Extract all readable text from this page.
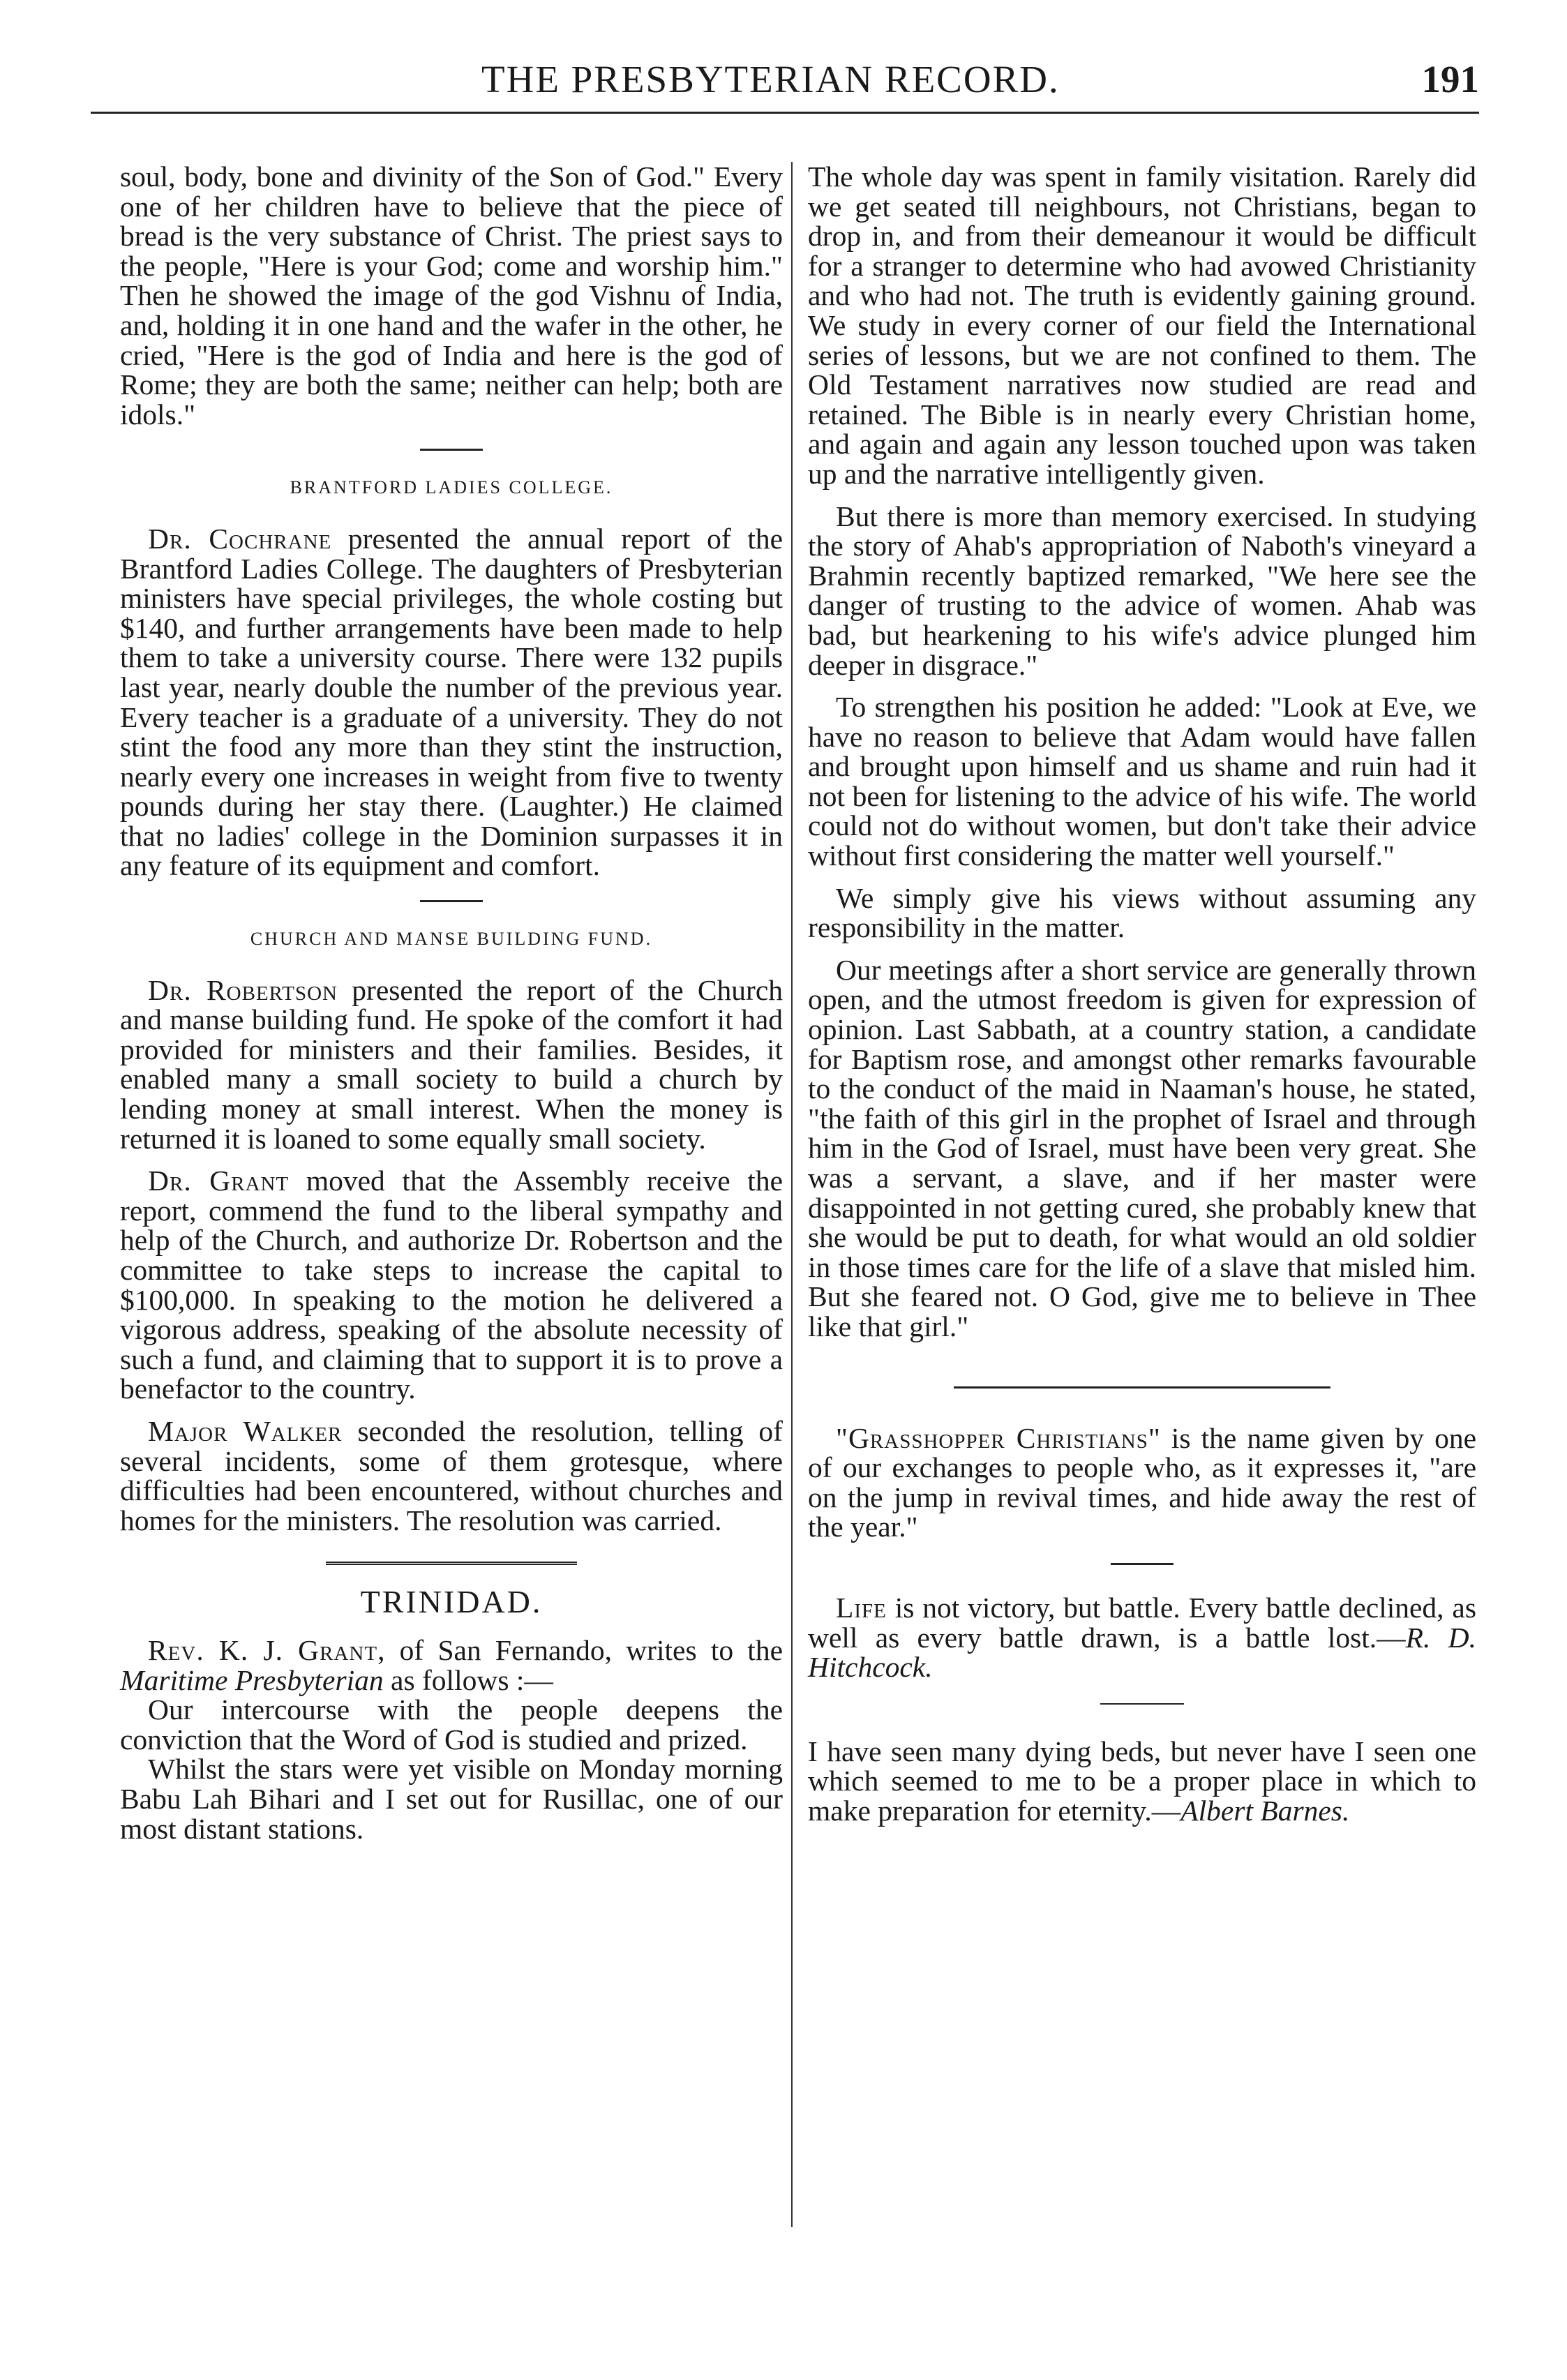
THE PRESBYTERIAN RECORD.	191

soul, body, bone and divinity of the Son of God." Every one of her children have to believe that the piece of bread is the very substance of Christ. The priest says to the people, "Here is your God; come and worship him." Then he showed the image of the god Vishnu of India, and, holding it in one hand and the wafer in the other, he cried, "Here is the god of India and here is the god of Rome; they are both the same; neither can help; both are idols."

BRANTFORD LADIES COLLEGE.

Dr. Cochrane presented the annual report of the Brantford Ladies College. The daughters of Presbyterian ministers have special privileges, the whole costing but $140, and further arrangements have been made to help them to take a university course. There were 132 pupils last year, nearly double the number of the previous year. Every teacher is a graduate of a university. They do not stint the food any more than they stint the instruction, nearly every one increases in weight from five to twenty pounds during her stay there. (Laughter.) He claimed that no ladies' college in the Dominion surpasses it in any feature of its equipment and comfort.

CHURCH AND MANSE BUILDING FUND.

Dr. Robertson presented the report of the Church and manse building fund. He spoke of the comfort it had provided for ministers and their families. Besides, it enabled many a small society to build a church by lending money at small interest. When the money is returned it is loaned to some equally small society.

Dr. Grant moved that the Assembly receive the report, commend the fund to the liberal sympathy and help of the Church, and authorize Dr. Robertson and the committee to take steps to increase the capital to $100,000. In speaking to the motion he delivered a vigorous address, speaking of the absolute necessity of such a fund, and claiming that to support it is to prove a benefactor to the country.

Major Walker seconded the resolution, telling of several incidents, some of them grotesque, where difficulties had been encountered, without churches and homes for the ministers. The resolution was carried.

TRINIDAD.

Rev. K. J. Grant, of San Fernando, writes to the Maritime Presbyterian as follows :—

Our intercourse with the people deepens the conviction that the Word of God is studied and prized.

Whilst the stars were yet visible on Monday morning Babu Lah Bihari and I set out for Rusillac, one of our most distant stations.

The whole day was spent in family visitation. Rarely did we get seated till neighbours, not Christians, began to drop in, and from their demeanour it would be difficult for a stranger to determine who had avowed Christianity and who had not. The truth is evidently gaining ground. We study in every corner of our field the International series of lessons, but we are not confined to them. The Old Testament narratives now studied are read and retained. The Bible is in nearly every Christian home, and again and again any lesson touched upon was taken up and the narrative intelligently given.

But there is more than memory exercised. In studying the story of Ahab's appropriation of Naboth's vineyard a Brahmin recently baptized remarked, "We here see the danger of trusting to the advice of women. Ahab was bad, but hearkening to his wife's advice plunged him deeper in disgrace."

To strengthen his position he added: "Look at Eve, we have no reason to believe that Adam would have fallen and brought upon himself and us shame and ruin had it not been for listening to the advice of his wife. The world could not do without women, but don't take their advice without first considering the matter well yourself."

We simply give his views without assuming any responsibility in the matter.

Our meetings after a short service are generally thrown open, and the utmost freedom is given for expression of opinion. Last Sabbath, at a country station, a candidate for Baptism rose, and amongst other remarks favourable to the conduct of the maid in Naaman's house, he stated, "the faith of this girl in the prophet of Israel and through him in the God of Israel, must have been very great. She was a servant, a slave, and if her master were disappointed in not getting cured, she probably knew that she would be put to death, for what would an old soldier in those times care for the life of a slave that misled him. But she feared not. O God, give me to believe in Thee like that girl."

"Grasshopper Christians" is the name given by one of our exchanges to people who, as it expresses it, "are on the jump in revival times, and hide away the rest of the year."

Life is not victory, but battle. Every battle declined, as well as every battle drawn, is a battle lost.—R. D. Hitchcock.

I have seen many dying beds, but never have I seen one which seemed to me to be a proper place in which to make preparation for eternity.—Albert Barnes.
